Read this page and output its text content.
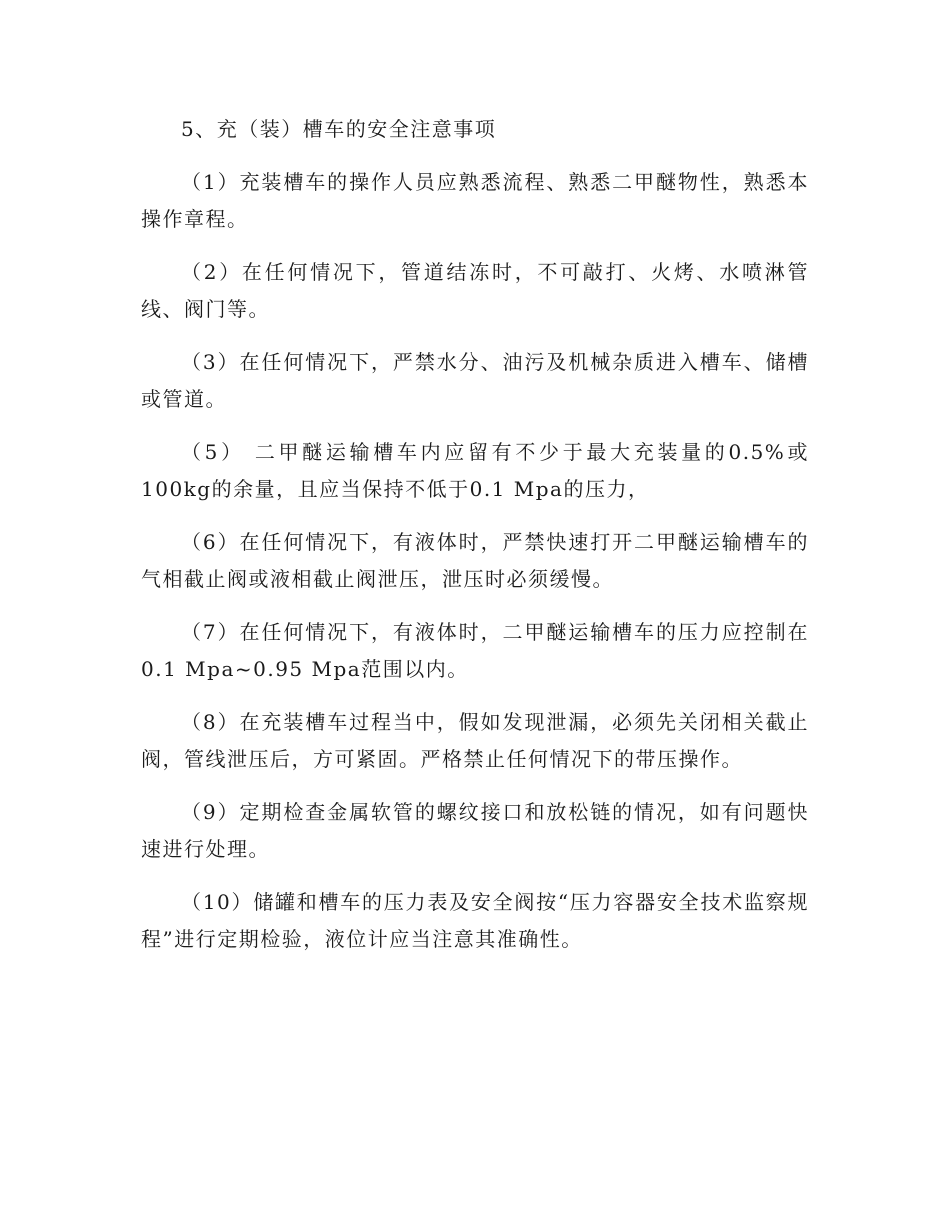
5、充（装）槽车的安全注意事项

（1）充装槽车的操作人员应熟悉流程、熟悉二甲醚物性，熟悉本操作章程。

（2）在任何情况下，管道结冻时，不可敲打、火烤、水喷淋管线、阀门等。

（3）在任何情况下，严禁水分、油污及机械杂质进入槽车、储槽或管道。

（5） 二甲醚运输槽车内应留有不少于最大充装量的0.5%或100kg的余量，且应当保持不低于0.1 Mpa的压力，

（6）在任何情况下，有液体时，严禁快速打开二甲醚运输槽车的气相截止阀或液相截止阀泄压，泄压时必须缓慢。

（7）在任何情况下，有液体时，二甲醚运输槽车的压力应控制在0.1 Mpa~0.95 Mpa范围以内。

（8）在充装槽车过程当中，假如发现泄漏，必须先关闭相关截止阀，管线泄压后，方可紧固。严格禁止任何情况下的带压操作。

（9）定期检查金属软管的螺纹接口和放松链的情况，如有问题快速进行处理。

（10）储罐和槽车的压力表及安全阀按“压力容器安全技术监察规程”进行定期检验，液位计应当注意其准确性。
